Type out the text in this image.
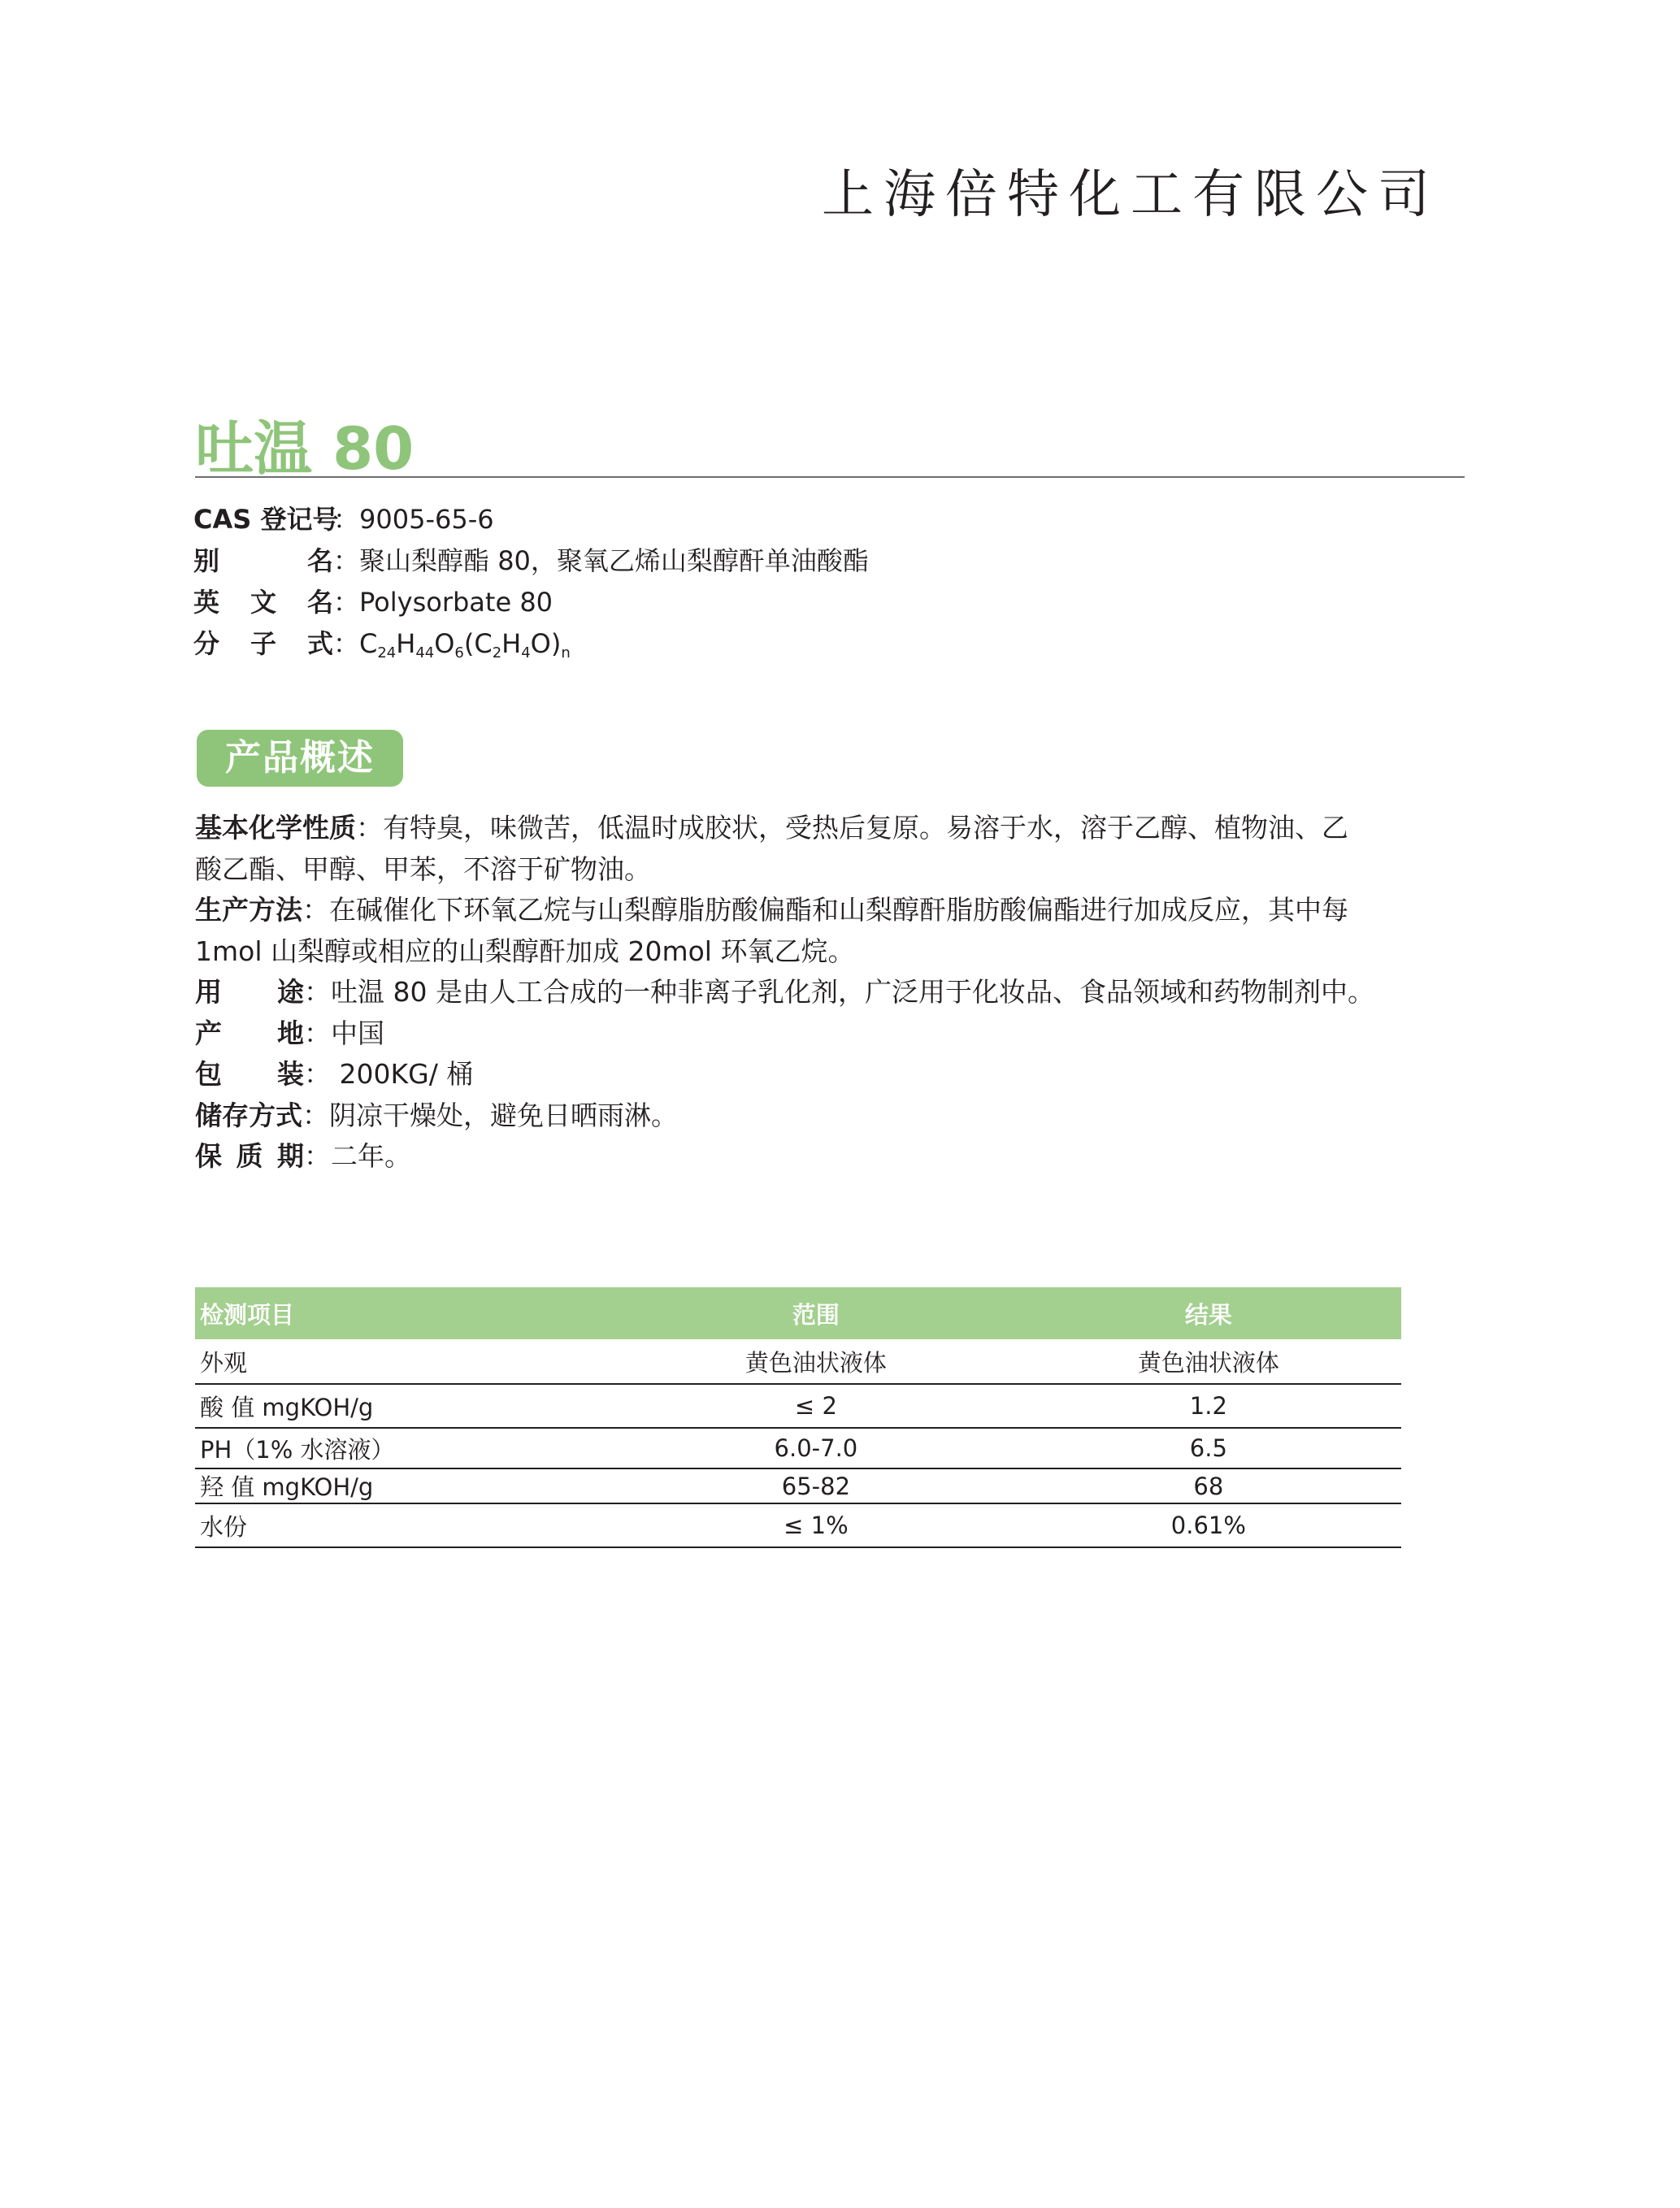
上海倍特化工有限公司
吐温 80
CAS 登记号：9005-65-6
别	名 ：聚山梨醇酯 80，聚氧乙烯山梨醇酐单油酸酯
英 文 名 ：Polysorbate 80
分 子 式 ：$C_{24}H_{44}O_6(C_2H_4O)_n$
产品概述
基本化学性质：有特臭，味微苦，低温时成胶状，受热后复原。易溶于水，溶于乙醇、植物油、乙
酸乙酯、甲醇、甲苯，不溶于矿物油。
生产方法：在碱催化下环氧乙烷与山梨醇脂肪酸偏酯和山梨醇酐脂肪酸偏酯进行加成反应，其中每
1mol 山梨醇或相应的山梨醇酐加成 20mol 环氧乙烷。
用 途 ：吐温 80 是由人工合成的一种非离子乳化剂，广泛用于化妆品、食品领域和药物制剂中。
产 地 ：中国
包 装 ： 200KG/ 桶
储存方式：阴凉干燥处，避免日晒雨淋。
保 质 期 ：二年。
检测项目	范围	结果
外观	黄色油状液体	黄色油状液体
酸 值 mgKOH/g	≤ 2	1.2
PH（1% 水溶液）	6.0-7.0	6.5
羟 值 mgKOH/g	65-82	68
水份	≤ 1%	0.61%
